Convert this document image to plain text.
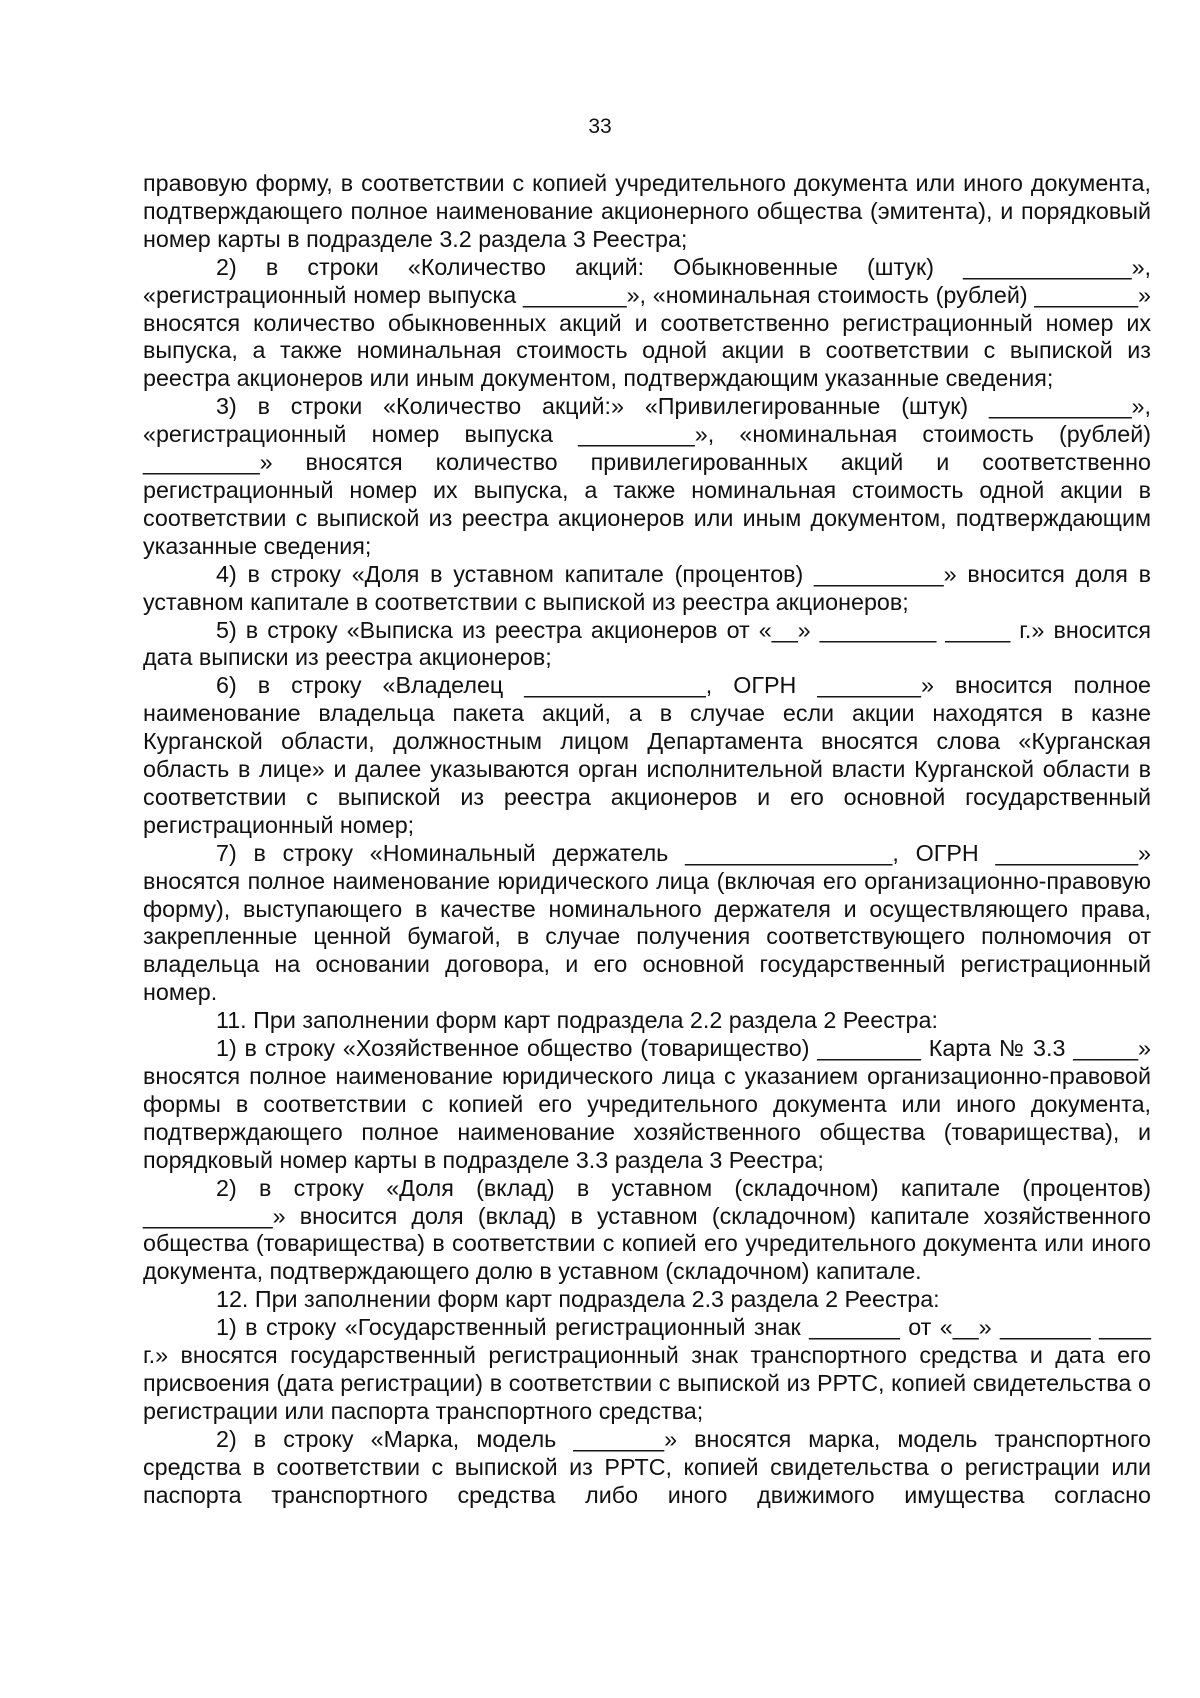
33

правовую форму, в соответствии с копией учредительного документа или иного документа, подтверждающего полное наименование акционерного общества (эмитента), и порядковый номер карты в подразделе 3.2 раздела 3 Реестра;

2) в строки «Количество акций: Обыкновенные (штук) _____________», «регистрационный номер выпуска ________», «номинальная стоимость (рублей) ________» вносятся количество обыкновенных акций и соответственно регистрационный номер их выпуска, а также номинальная стоимость одной акции в соответствии с выпиской из реестра акционеров или иным документом, подтверждающим указанные сведения;

3) в строки «Количество акций:» «Привилегированные (штук) ___________», «регистрационный номер выпуска _________», «номинальная стоимость (рублей) _________» вносятся количество привилегированных акций и соответственно регистрационный номер их выпуска, а также номинальная стоимость одной акции в соответствии с выпиской из реестра акционеров или иным документом, подтверждающим указанные сведения;

4) в строку «Доля в уставном капитале (процентов) __________» вносится доля в уставном капитале в соответствии с выпиской из реестра акционеров;

5) в строку «Выписка из реестра акционеров от «__» _________ _____ г.» вносится дата выписки из реестра акционеров;

6) в строку «Владелец ______________, ОГРН ________» вносится полное наименование владельца пакета акций, а в случае если акции находятся в казне Курганской области, должностным лицом Департамента вносятся слова «Курганская область в лице» и далее указываются орган исполнительной власти Курганской области в соответствии с выпиской из реестра акционеров и его основной государственный регистрационный номер;

7) в строку «Номинальный держатель ________________, ОГРН ___________» вносятся полное наименование юридического лица (включая его организационно-правовую форму), выступающего в качестве номинального держателя и осуществляющего права, закрепленные ценной бумагой, в случае получения соответствующего полномочия от владельца на основании договора, и его основной государственный регистрационный номер.

11. При заполнении форм карт подраздела 2.2 раздела 2 Реестра:

1) в строку «Хозяйственное общество (товарищество) ________ Карта № 3.3 _____» вносятся полное наименование юридического лица с указанием организационно-правовой формы в соответствии с копией его учредительного документа или иного документа, подтверждающего полное наименование хозяйственного общества (товарищества), и порядковый номер карты в подразделе 3.3 раздела 3 Реестра;

2) в строку «Доля (вклад) в уставном (складочном) капитале (процентов) __________» вносится доля (вклад) в уставном (складочном) капитале хозяйственного общества (товарищества) в соответствии с копией его учредительного документа или иного документа, подтверждающего долю в уставном (складочном) капитале.

12. При заполнении форм карт подраздела 2.3 раздела 2 Реестра:

1) в строку «Государственный регистрационный знак _______ от «__» _______ ____ г.» вносятся государственный регистрационный знак транспортного средства и дата его присвоения (дата регистрации) в соответствии с выпиской из РРТС, копией свидетельства о регистрации или паспорта транспортного средства;

2) в строку «Марка, модель _______» вносятся марка, модель транспортного средства в соответствии с выпиской из РРТС, копией свидетельства о регистрации или паспорта транспортного средства либо иного движимого имущества согласно
